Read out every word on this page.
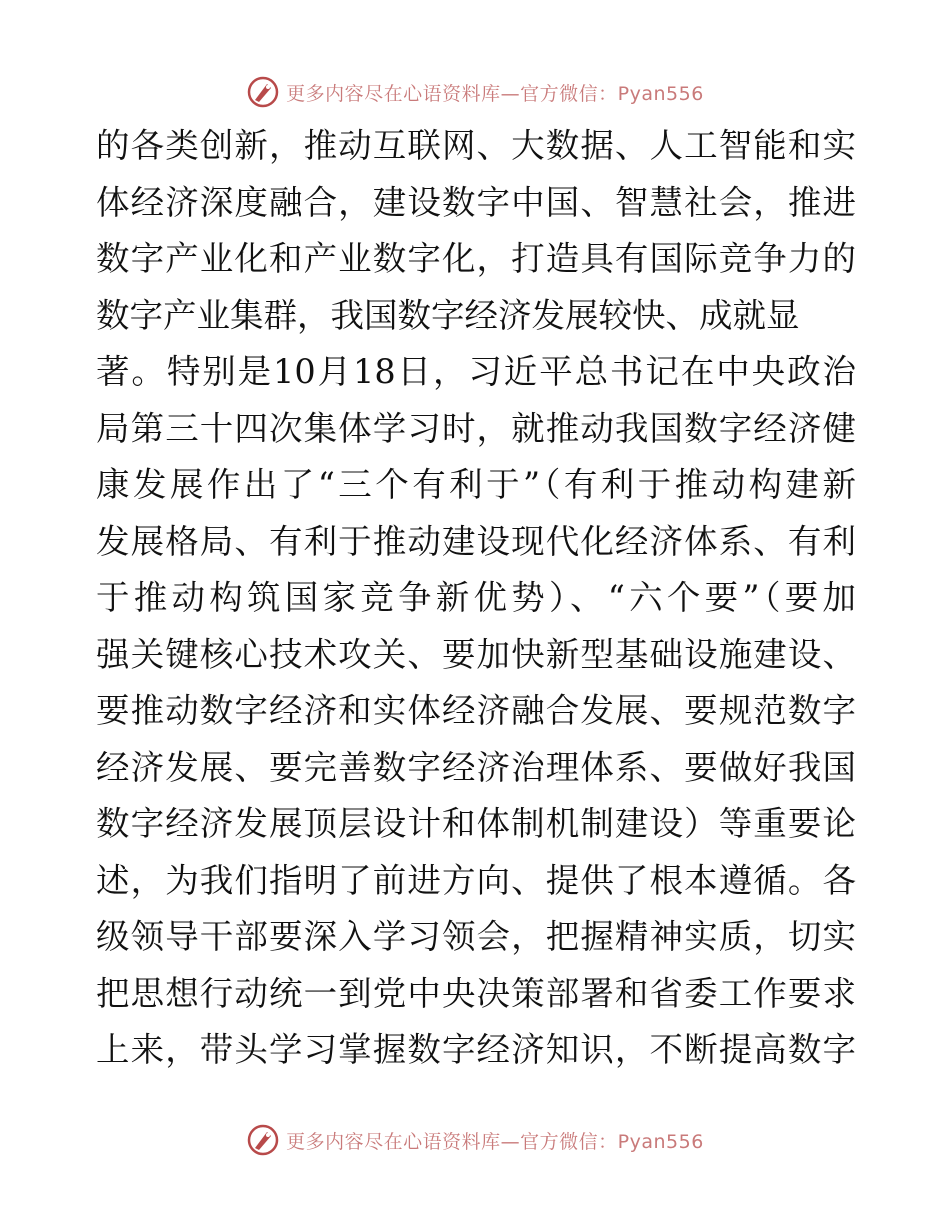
更多内容尽在心语资料库—官方微信：Pyan556
的各类创新，推动互联网、大数据、人工智能和实
体经济深度融合，建设数字中国、智慧社会，推进
数字产业化和产业数字化，打造具有国际竞争力的
数字产业集群，我国数字经济发展较快、成就显
著。特别是10月18日，习近平总书记在中央政治
局第三十四次集体学习时，就推动我国数字经济健
康发展作出了“三个有利于”（有利于推动构建新
发展格局、有利于推动建设现代化经济体系、有利
于推动构筑国家竞争新优势）、“六个要”（要加
强关键核心技术攻关、要加快新型基础设施建设、
要推动数字经济和实体经济融合发展、要规范数字
经济发展、要完善数字经济治理体系、要做好我国
数字经济发展顶层设计和体制机制建设）等重要论
述，为我们指明了前进方向、提供了根本遵循。各
级领导干部要深入学习领会，把握精神实质，切实
把思想行动统一到党中央决策部署和省委工作要求
上来，带头学习掌握数字经济知识，不断提高数字
更多内容尽在心语资料库—官方微信：Pyan556
